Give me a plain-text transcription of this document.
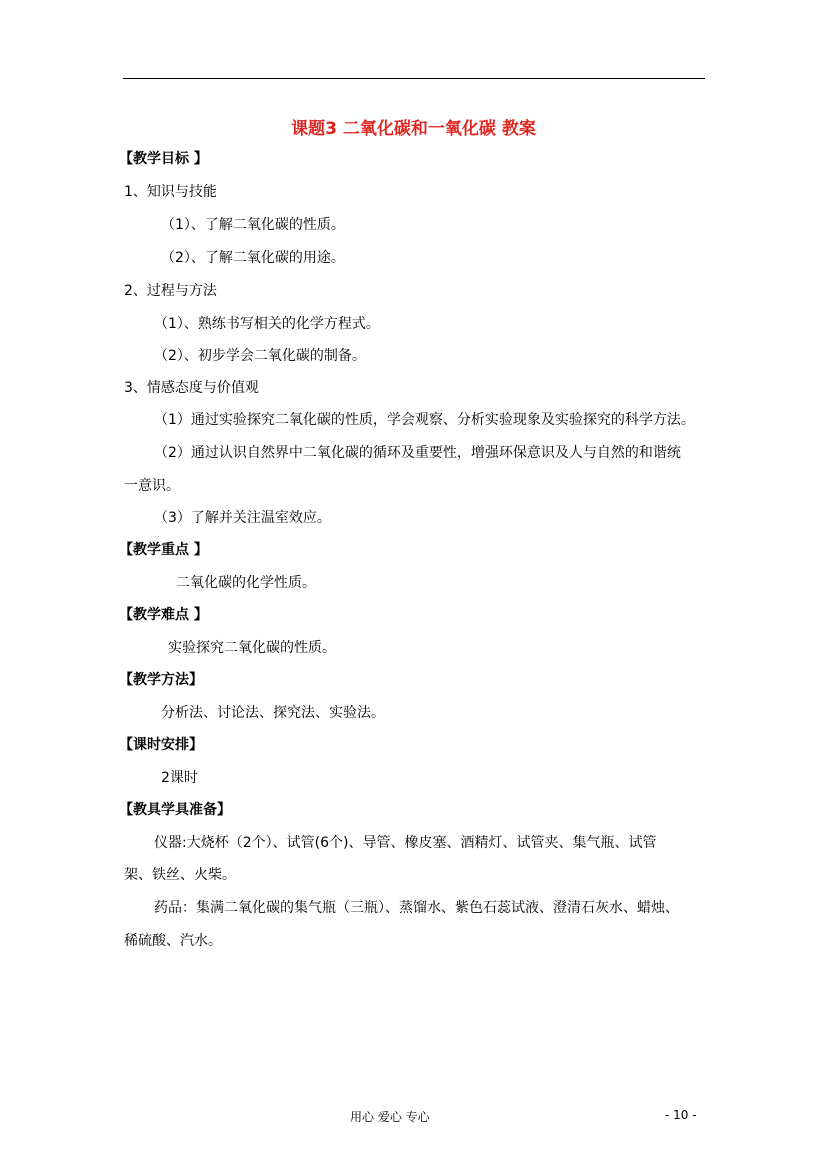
课题3 二氧化碳和一氧化碳 教案
【教学目标 】
1、知识与技能
（1）、了解二氧化碳的性质。
（2）、了解二氧化碳的用途。
2、过程与方法
（1）、熟练书写相关的化学方程式。
（2）、初步学会二氧化碳的制备。
3、情感态度与价值观
（1）通过实验探究二氧化碳的性质，学会观察、分析实验现象及实验探究的科学方法。
（2）通过认识自然界中二氧化碳的循环及重要性，增强环保意识及人与自然的和谐统
一意识。
（3）了解并关注温室效应。
【教学重点 】
二氧化碳的化学性质。
【教学难点 】
实验探究二氧化碳的性质。
【教学方法】
分析法、讨论法、探究法、实验法。
【课时安排】
2课时
【教具学具准备】
仪器:大烧杯（2个）、试管(6个)、导管、橡皮塞、酒精灯、试管夹、集气瓶、试管
架、铁丝、火柴。
药品：集满二氧化碳的集气瓶（三瓶）、蒸馏水、紫色石蕊试液、澄清石灰水、蜡烛、
稀硫酸、汽水。
用心 爱心 专心	- 10 -
